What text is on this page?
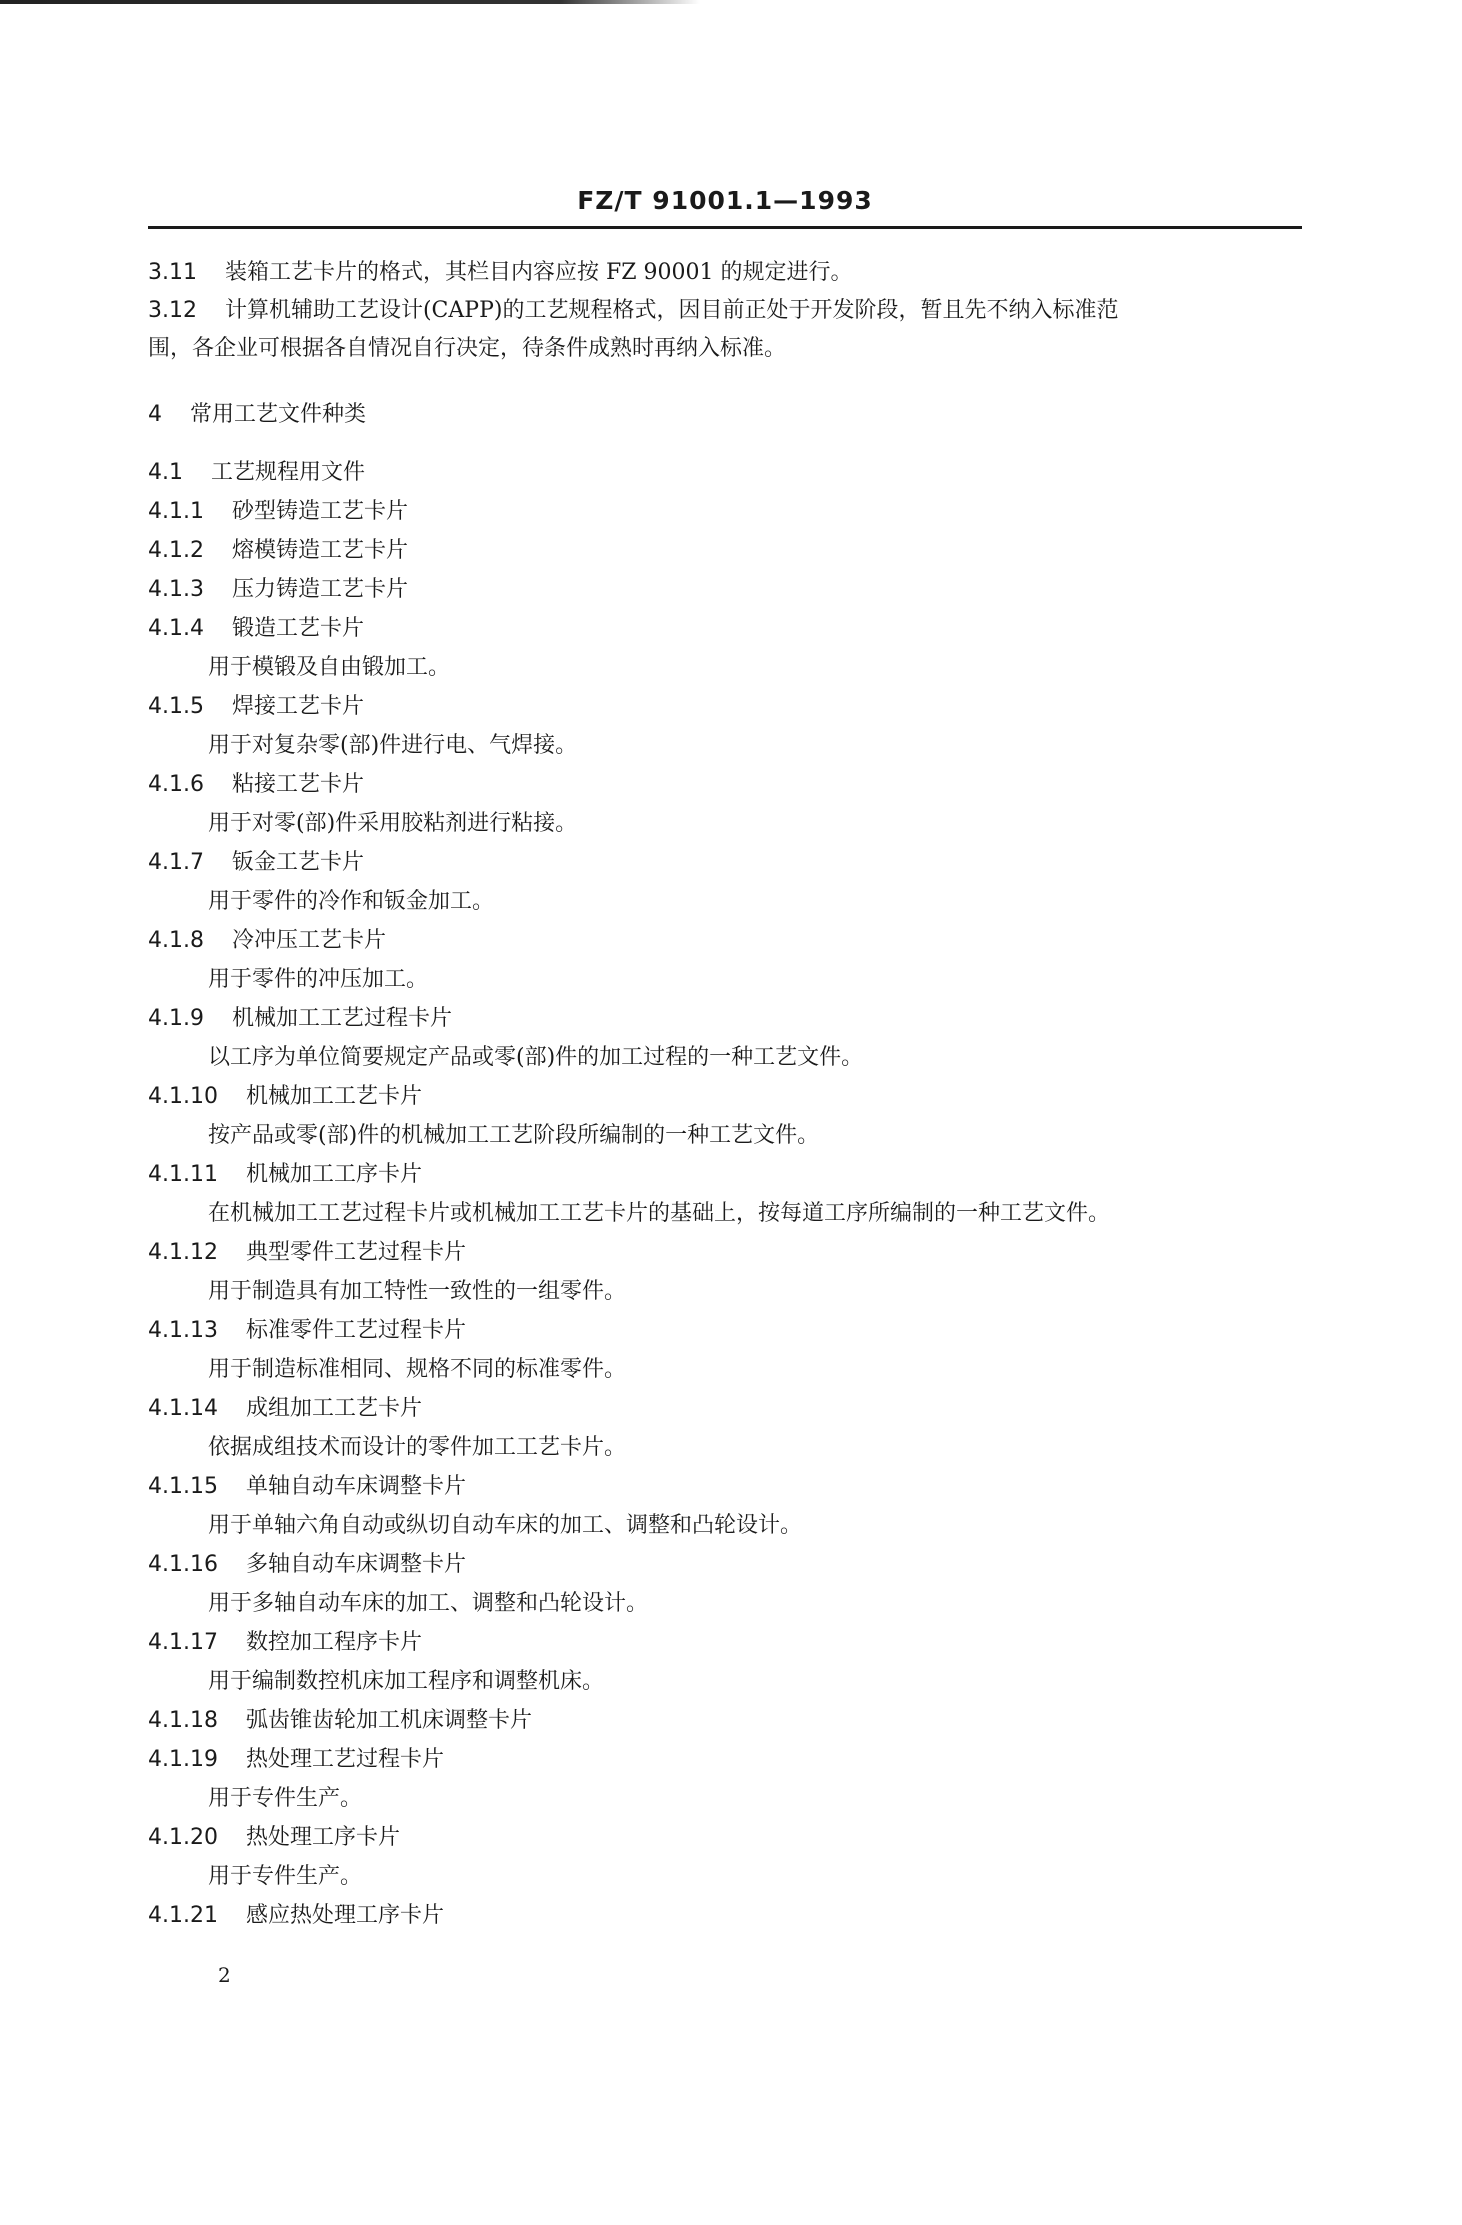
FZ/T 91001.1—1993
3.11 装箱工艺卡片的格式，其栏目内容应按 FZ 90001 的规定进行。
3.12 计算机辅助工艺设计(CAPP)的工艺规程格式，因目前正处于开发阶段，暂且先不纳入标准范
围，各企业可根据各自情况自行决定，待条件成熟时再纳入标准。
4 常用工艺文件种类
4.1 工艺规程用文件
4.1.1 砂型铸造工艺卡片
4.1.2 熔模铸造工艺卡片
4.1.3 压力铸造工艺卡片
4.1.4 锻造工艺卡片
用于模锻及自由锻加工。
4.1.5 焊接工艺卡片
用于对复杂零(部)件进行电、气焊接。
4.1.6 粘接工艺卡片
用于对零(部)件采用胶粘剂进行粘接。
4.1.7 钣金工艺卡片
用于零件的冷作和钣金加工。
4.1.8 冷冲压工艺卡片
用于零件的冲压加工。
4.1.9 机械加工工艺过程卡片
以工序为单位简要规定产品或零(部)件的加工过程的一种工艺文件。
4.1.10 机械加工工艺卡片
按产品或零(部)件的机械加工工艺阶段所编制的一种工艺文件。
4.1.11 机械加工工序卡片
在机械加工工艺过程卡片或机械加工工艺卡片的基础上，按每道工序所编制的一种工艺文件。
4.1.12 典型零件工艺过程卡片
用于制造具有加工特性一致性的一组零件。
4.1.13 标准零件工艺过程卡片
用于制造标准相同、规格不同的标准零件。
4.1.14 成组加工工艺卡片
依据成组技术而设计的零件加工工艺卡片。
4.1.15 单轴自动车床调整卡片
用于单轴六角自动或纵切自动车床的加工、调整和凸轮设计。
4.1.16 多轴自动车床调整卡片
用于多轴自动车床的加工、调整和凸轮设计。
4.1.17 数控加工程序卡片
用于编制数控机床加工程序和调整机床。
4.1.18 弧齿锥齿轮加工机床调整卡片
4.1.19 热处理工艺过程卡片
用于专件生产。
4.1.20 热处理工序卡片
用于专件生产。
4.1.21 感应热处理工序卡片
2
